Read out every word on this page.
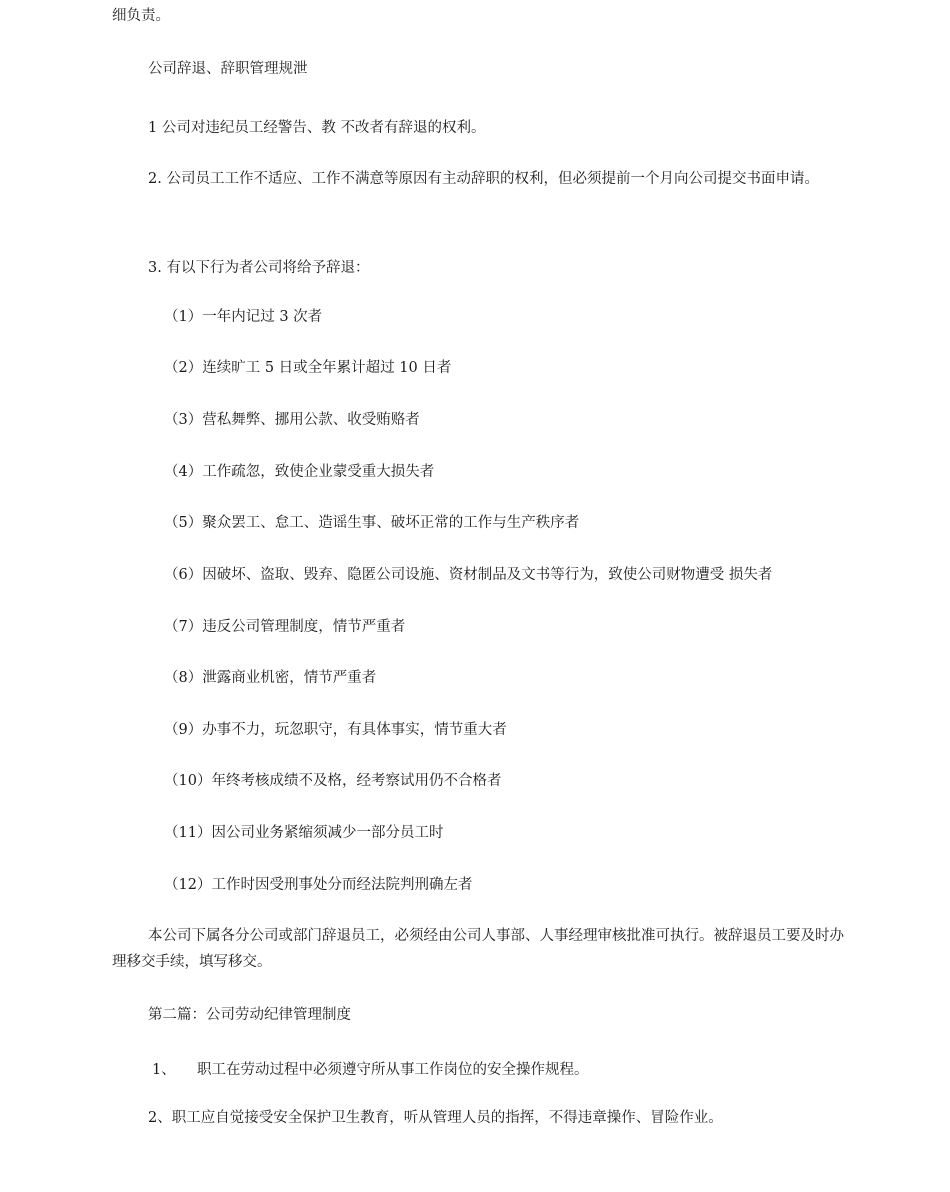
细负责。
公司辞退、辞职管理规泄
1 公司对违纪员工经警告、教 不改者有辞退的权利。
2. 公司员工工作不适应、工作不满意等原因有主动辞职的权利，但必须提前一个月向公司提交书面申请。
3. 有以下行为者公司将给予辞退：
（1）一年内记过 3 次者
（2）连续旷工 5 日或全年累计超过 10 日者
（3）营私舞弊、挪用公款、收受贿赂者
（4）工作疏忽，致使企业蒙受重大损失者
（5）聚众罢工、怠工、造谣生事、破坏正常的工作与生产秩序者
（6）因破坏、盗取、毁弃、隐匿公司设施、资材制品及文书等行为，致使公司财物遭受 损失者
（7）违反公司管理制度，情节严重者
（8）泄露商业机密，情节严重者
（9）办事不力，玩忽职守，有具体事实，情节重大者
（10）年终考核成绩不及格，经考察试用仍不合格者
（11）因公司业务紧缩须减少一部分员工时
（12）工作时因受刑事处分而经法院判刑确左者
本公司下属各分公司或部门辞退员工，必须经由公司人事部、人事经理审核批准可执行。被辞退员工要及时办理移交手续，填写移交。
第二篇：公司劳动纪律管理制度
1、 职工在劳动过程中必须遵守所从事工作岗位的安全操作规程。
2、职工应自觉接受安全保护卫生教育，听从管理人员的指挥，不得违章操作、冒险作业。
